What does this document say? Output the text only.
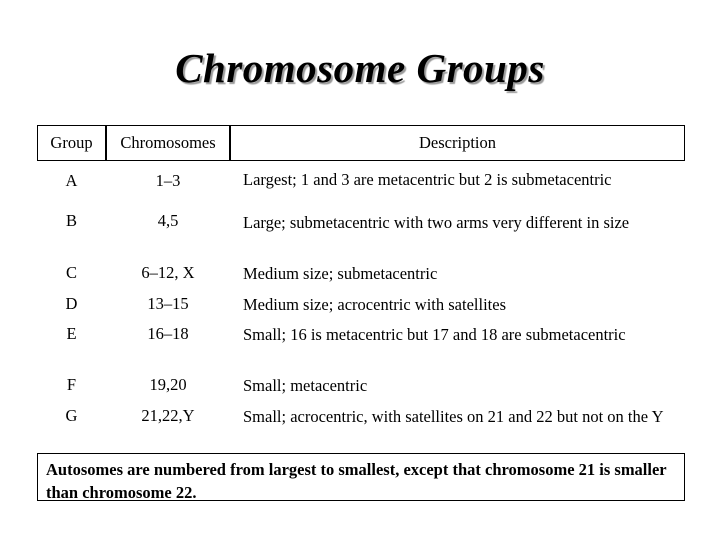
Chromosome Groups
Group	Chromosomes	Description
A	1–3	Largest; 1 and 3 are metacentric but 2 is submetacentric
B	4,5	Large; submetacentric with two arms very different in size
C	6–12, X	Medium size; submetacentric
D	13–15	Medium size; acrocentric with satellites
E	16–18	Small; 16 is metacentric but 17 and 18 are submetacentric
F	19,20	Small; metacentric
G	21,22,Y	Small; acrocentric, with satellites on 21 and 22 but not on the Y
Autosomes are numbered from largest to smallest, except that chromosome 21 is smaller than chromosome 22.
